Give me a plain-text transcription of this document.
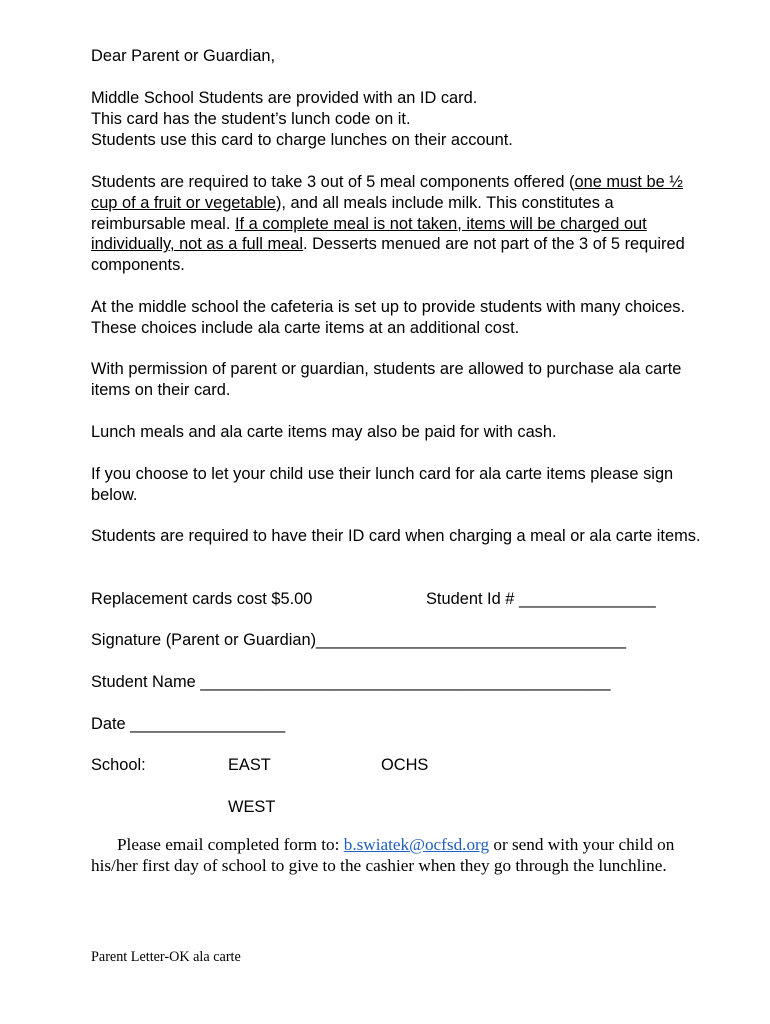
Dear Parent or Guardian,

Middle School Students are provided with an ID card.
This card has the student’s lunch code on it.
Students use this card to charge lunches on their account.

Students are required to take 3 out of 5 meal components offered (one must be ½ cup of a fruit or vegetable), and all meals include milk. This constitutes a reimbursable meal. If a complete meal is not taken, items will be charged out individually, not as a full meal. Desserts menued are not part of the 3 of 5 required components.

At the middle school the cafeteria is set up to provide students with many choices. These choices include ala carte items at an additional cost.

With permission of parent or guardian, students are allowed to purchase ala carte items on their card.

Lunch meals and ala carte items may also be paid for with cash.

If you choose to let your child use their lunch card for ala carte items please sign below.

Students are required to have their ID card when charging a meal or ala carte items.

Replacement cards cost $5.00	Student Id # _______________
Signature (Parent or Guardian)__________________________________
Student Name _____________________________________________
Date _________________
School:	EAST	OCHS
WEST

Please email completed form to: b.swiatek@ocfsd.org or send with your child on his/her first day of school to give to the cashier when they go through the lunchline.

Parent Letter-OK ala carte
